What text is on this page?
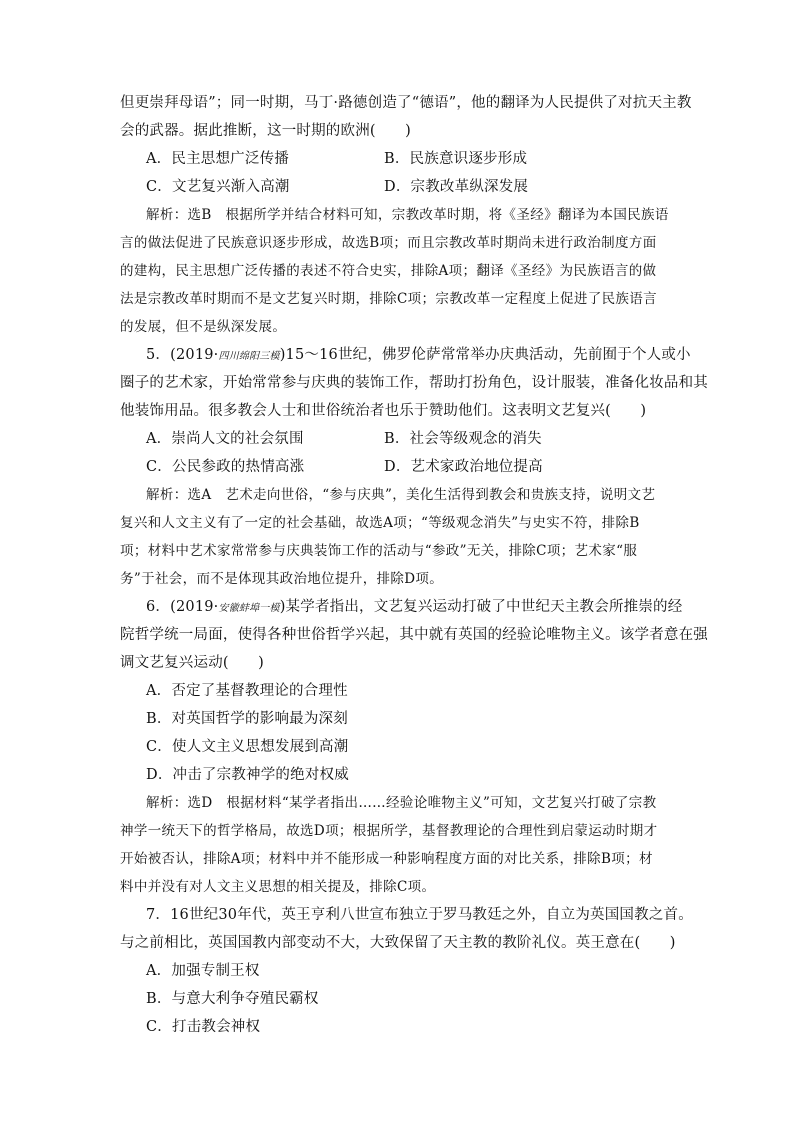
但更崇拜母语”；同一时期，马丁·路德创造了“德语”，他的翻译为人民提供了对抗天主教
会的武器。据此推断，这一时期的欧洲(　　)
A．民主思想广泛传播	B．民族意识逐步形成
C．文艺复兴渐入高潮	D．宗教改革纵深发展
解析：选B　根据所学并结合材料可知，宗教改革时期，将《圣经》翻译为本国民族语
言的做法促进了民族意识逐步形成，故选B项；而且宗教改革时期尚未进行政治制度方面
的建构，民主思想广泛传播的表述不符合史实，排除A项；翻译《圣经》为民族语言的做
法是宗教改革时期而不是文艺复兴时期，排除C项；宗教改革一定程度上促进了民族语言
的发展，但不是纵深发展。
5．(2019·四川绵阳三模)15～16世纪，佛罗伦萨常常举办庆典活动，先前囿于个人或小
圈子的艺术家，开始常常参与庆典的装饰工作，帮助打扮角色，设计服装，准备化妆品和其
他装饰用品。很多教会人士和世俗统治者也乐于赞助他们。这表明文艺复兴(　　)
A．崇尚人文的社会氛围	B．社会等级观念的消失
C．公民参政的热情高涨	D．艺术家政治地位提高
解析：选A　艺术走向世俗，“参与庆典”，美化生活得到教会和贵族支持，说明文艺
复兴和人文主义有了一定的社会基础，故选A项；“等级观念消失”与史实不符，排除B
项；材料中艺术家常常参与庆典装饰工作的活动与“参政”无关，排除C项；艺术家“服
务”于社会，而不是体现其政治地位提升，排除D项。
6．(2019·安徽蚌埠一模)某学者指出，文艺复兴运动打破了中世纪天主教会所推崇的经
院哲学统一局面，使得各种世俗哲学兴起，其中就有英国的经验论唯物主义。该学者意在强
调文艺复兴运动(　　)
A．否定了基督教理论的合理性
B．对英国哲学的影响最为深刻
C．使人文主义思想发展到高潮
D．冲击了宗教神学的绝对权威
解析：选D　根据材料“某学者指出……经验论唯物主义”可知，文艺复兴打破了宗教
神学一统天下的哲学格局，故选D项；根据所学，基督教理论的合理性到启蒙运动时期才
开始被否认，排除A项；材料中并不能形成一种影响程度方面的对比关系，排除B项；材
料中并没有对人文主义思想的相关提及，排除C项。
7．16世纪30年代，英王亨利八世宣布独立于罗马教廷之外，自立为英国国教之首。
与之前相比，英国国教内部变动不大，大致保留了天主教的教阶礼仪。英王意在(　　)
A．加强专制王权
B．与意大利争夺殖民霸权
C．打击教会神权
